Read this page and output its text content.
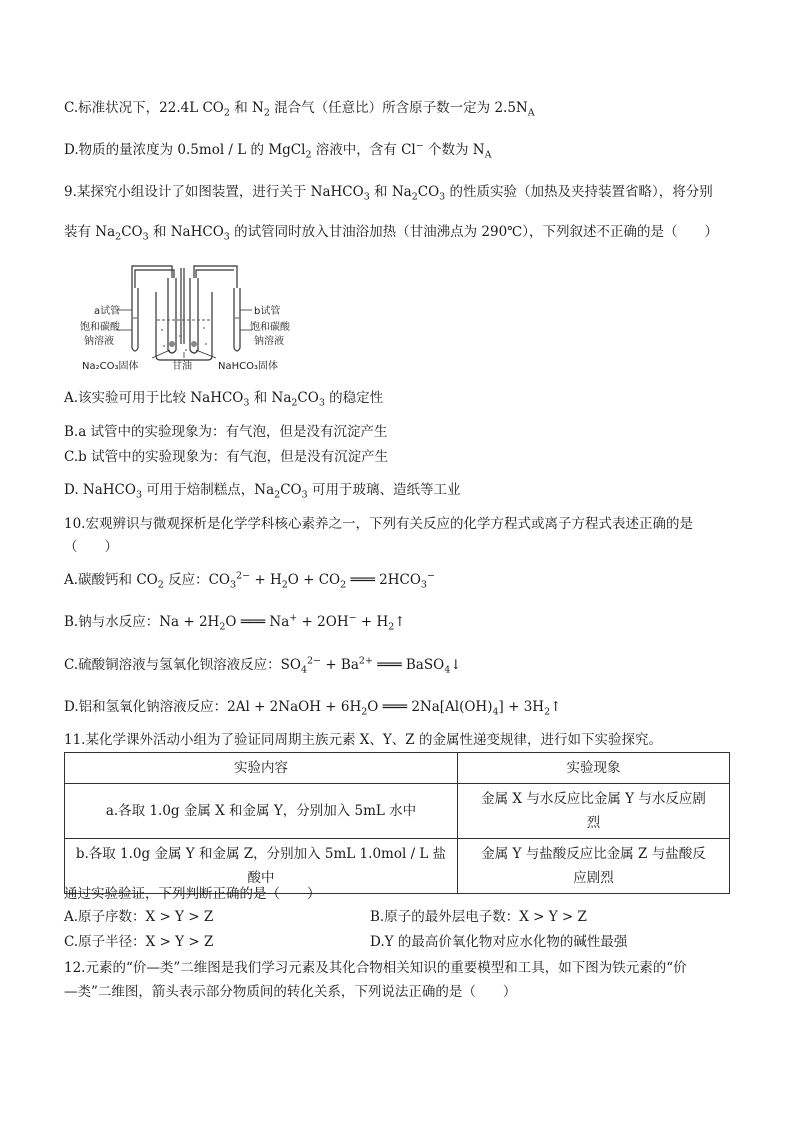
C.标准状况下，22.4L $CO_2$ 和 $N_2$ 混合气（任意比）所含原子数一定为 $2.5N_A$
D.物质的量浓度为 0.5mol / L 的 MgCl$_2$ 溶液中，含有 Cl− 个数为 $N_A$
9.某探究小组设计了如图装置，进行关于 NaHCO$_3$ 和 $Na_2CO_3$ 的性质实验（加热及夹持装置省略），将分别
装有 $Na_2CO_3$ 和 NaHCO$_3$ 的试管同时放入甘油浴加热（甘油沸点为 290℃），下列叙述不正确的是（　　）
a试管
饱和碳酸
钠溶液
Na₂CO₃固体
b试管
饱和碳酸
钠溶液
甘油	NaHCO₃固体
A.该实验可用于比较 NaHCO$_3$ 和 $Na_2CO_3$ 的稳定性
B.a 试管中的实验现象为：有气泡，但是没有沉淀产生
C.b 试管中的实验现象为：有气泡，但是没有沉淀产生
D. NaHCO$_3$ 可用于焙制糕点，$Na_2CO_3$ 可用于玻璃、造纸等工业
10.宏观辨识与微观探析是化学学科核心素养之一，下列有关反应的化学方程式或离子方程式表述正确的是
（　　）
A.碳酸钙和 $CO_2$ 反应：$CO_3^{2-} + H_2O + CO_2$ ═══ $2HCO_3^-$
B.钠与水反应：$Na + 2H_2O$ ═══ $Na^+ + 2OH^- + H_2↑$
C.硫酸铜溶液与氢氧化钡溶液反应：$SO_4^{2-} + Ba^{2+}$ ═══ BaSO$_4$↓
D.铝和氢氧化钠溶液反应：2Al + 2NaOH + $6H_2O$ ═══ $2Na[Al(OH)_4]$ + $3H_2↑$
11.某化学课外活动小组为了验证同周期主族元素 X、Y、Z 的金属性递变规律，进行如下实验探究。
实验内容	实验现象
a.各取 1.0g 金属 X 和金属 Y，分别加入 5mL 水中	金属 X 与水反应比金属 Y 与水反应剧
烈
b.各取 1.0g 金属 Y 和金属 Z，分别加入 5mL 1.0mol / L 盐酸中	金属 Y 与盐酸反应比金属 Z 与盐酸反
应剧烈
通过实验验证，下列判断正确的是（　　）
A.原子序数：X > Y > Z	B.原子的最外层电子数：X > Y > Z
C.原子半径：X > Y > Z	D.Y 的最高价氧化物对应水化物的碱性最强
12.元素的“价—类”二维图是我们学习元素及其化合物相关知识的重要模型和工具，如下图为铁元素的“价
—类”二维图，箭头表示部分物质间的转化关系，下列说法正确的是（　　）
